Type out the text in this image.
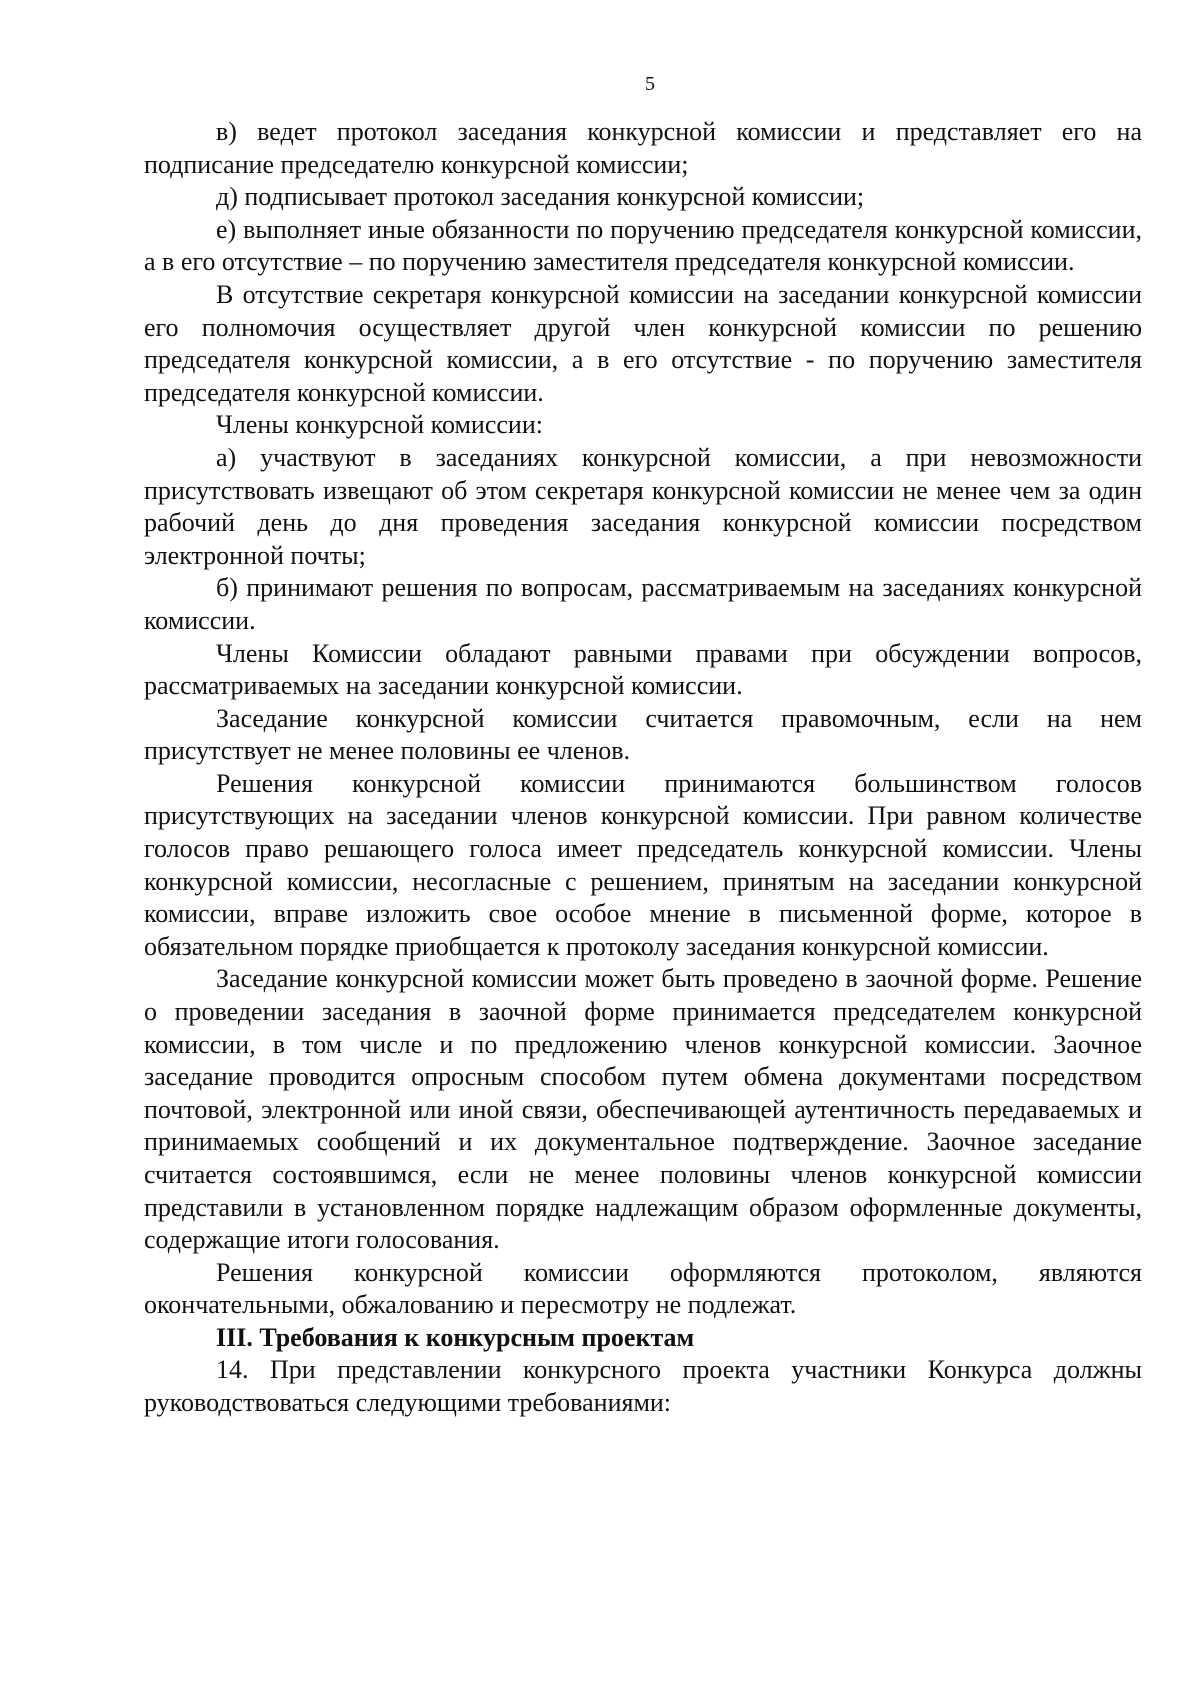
5

в) ведет протокол заседания конкурсной комиссии и представляет его на подписание председателю конкурсной комиссии;

д) подписывает протокол заседания конкурсной комиссии;

е) выполняет иные обязанности по поручению председателя конкурсной комиссии, а в его отсутствие – по поручению заместителя председателя конкурсной комиссии.

В отсутствие секретаря конкурсной комиссии на заседании конкурсной комиссии его полномочия осуществляет другой член конкурсной комиссии по решению председателя конкурсной комиссии, а в его отсутствие - по поручению заместителя председателя конкурсной комиссии.

Члены конкурсной комиссии:

а) участвуют в заседаниях конкурсной комиссии, а при невозможности присутствовать извещают об этом секретаря конкурсной комиссии не менее чем за один рабочий день до дня проведения заседания конкурсной комиссии посредством электронной почты;

б) принимают решения по вопросам, рассматриваемым на заседаниях конкурсной комиссии.

Члены Комиссии обладают равными правами при обсуждении вопросов, рассматриваемых на заседании конкурсной комиссии.

Заседание конкурсной комиссии считается правомочным, если на нем присутствует не менее половины ее членов.

Решения конкурсной комиссии принимаются большинством голосов присутствующих на заседании членов конкурсной комиссии. При равном количестве голосов право решающего голоса имеет председатель конкурсной комиссии. Члены конкурсной комиссии, несогласные с решением, принятым на заседании конкурсной комиссии, вправе изложить свое особое мнение в письменной форме, которое в обязательном порядке приобщается к протоколу заседания конкурсной комиссии.

Заседание конкурсной комиссии может быть проведено в заочной форме. Решение о проведении заседания в заочной форме принимается председателем конкурсной комиссии, в том числе и по предложению членов конкурсной комиссии. Заочное заседание проводится опросным способом путем обмена документами посредством почтовой, электронной или иной связи, обеспечивающей аутентичность передаваемых и принимаемых сообщений и их документальное подтверждение. Заочное заседание считается состоявшимся, если не менее половины членов конкурсной комиссии представили в установленном порядке надлежащим образом оформленные документы, содержащие итоги голосования.

Решения конкурсной комиссии оформляются протоколом, являются окончательными, обжалованию и пересмотру не подлежат.

III. Требования к конкурсным проектам

14. При представлении конкурсного проекта участники Конкурса должны руководствоваться следующими требованиями:
